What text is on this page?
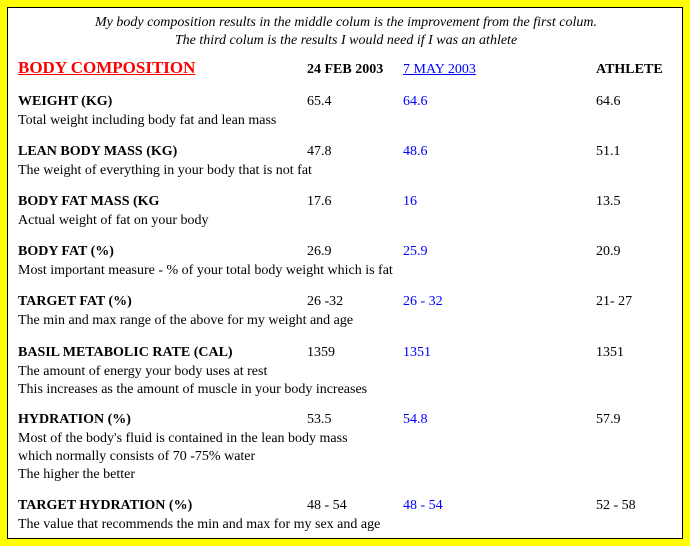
My body composition results in the middle colum is the improvement from the first colum.
The third colum is the results I would need if I was an athlete
BODY COMPOSITION	24 FEB 2003 7 MAY 2003	ATHLETE
WEIGHT (KG)	65.4	64.6	64.6
Total weight including body fat and lean mass
LEAN BODY MASS (KG)	47.8	48.6	51.1
The weight of everything in your body that is not fat
BODY FAT MASS (KG	17.6	16	13.5
Actual weight of fat on your body
BODY FAT (%)	26.9	25.9	20.9
Most important measure - % of your total body weight which is fat
TARGET FAT (%)	26 -32	26 - 32	21- 27
The min and max range of the above for my weight and age
BASIL METABOLIC RATE (CAL)	1359	1351	1351
The amount of energy your body uses at rest
This increases as the amount of muscle in your body increases
HYDRATION (%)	53.5	54.8	57.9
Most of the body's fluid is contained in the lean body mass
which normally consists of 70 -75% water
The higher the better
TARGET HYDRATION (%)	48 - 54	48 - 54	52 - 58
The value that recommends the min and max for my sex and age
